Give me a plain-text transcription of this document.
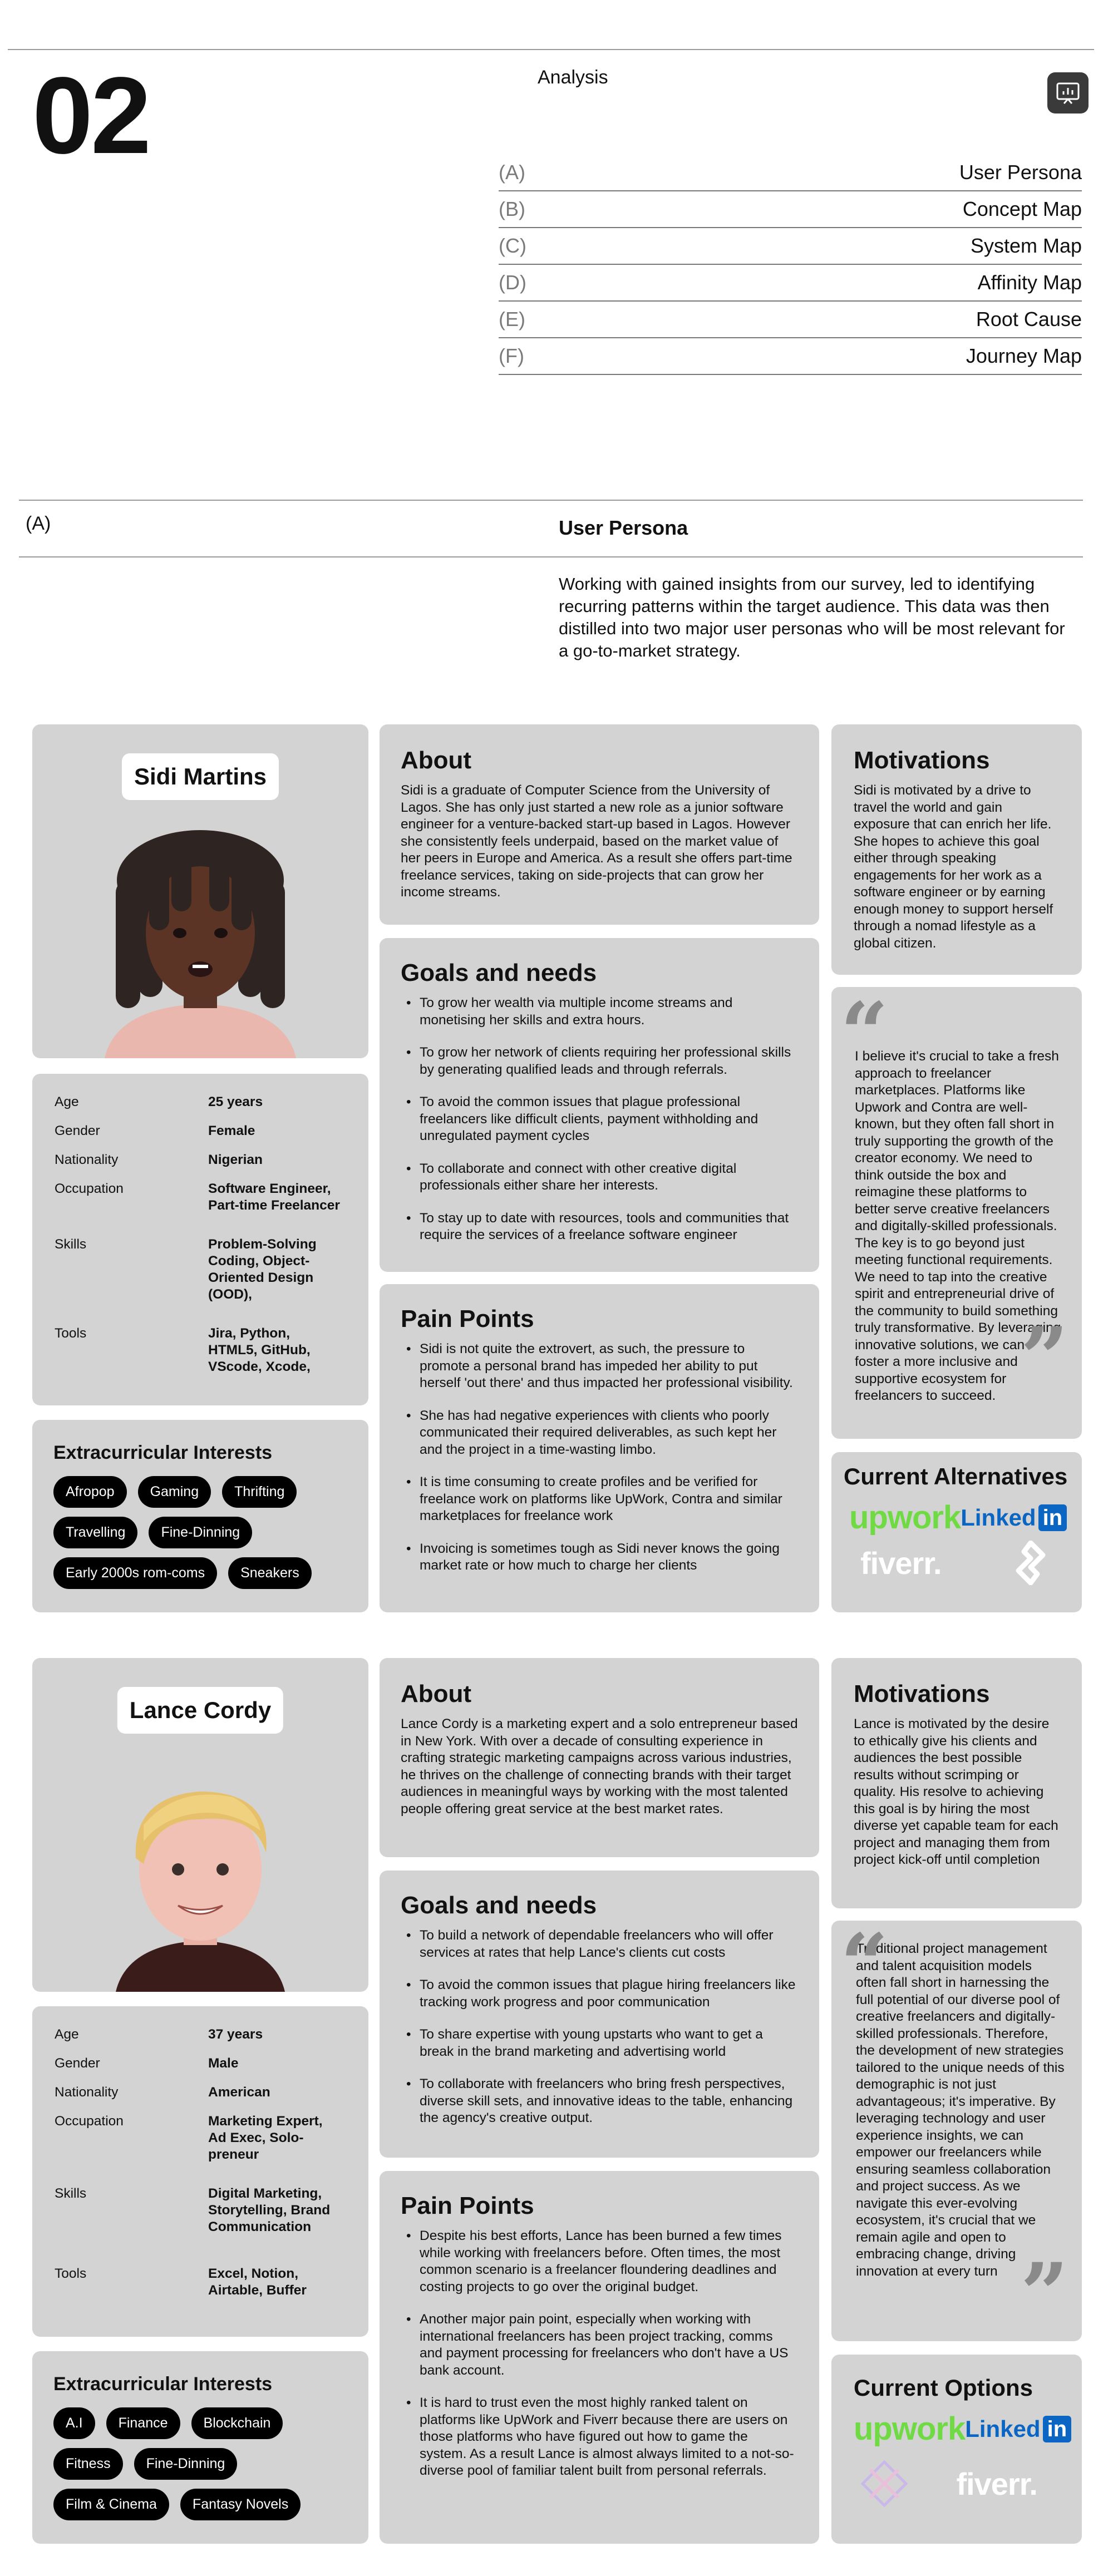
02	Analysis
(A)	User Persona
(B)	Concept Map
(C)	System Map
(D)	Affinity Map
(E)	Root Cause
(F)	Journey Map
(A)	User Persona
Working with gained insights from our survey, led to identifying recurring patterns within the target audience. This data was then distilled into two major user personas who will be most relevant for a go-to-market strategy.
Sidi Martins
Age	25 years
Gender	Female
Nationality	Nigerian
Occupation	Software Engineer, Part-time Freelancer
Skills	Problem-Solving Coding, Object-Oriented Design (OOD),
Tools	Jira, Python, HTML5, GitHub, VScode, Xcode,
Extracurricular Interests
Afropop	Gaming	Thrifting
Travelling	Fine-Dinning
Early 2000s rom-coms	Sneakers
About

Sidi is a graduate of Computer Science from the University of Lagos. She has only just started a new role as a junior software engineer for a venture-backed start-up based in Lagos. However she consistently feels underpaid, based on the market value of her peers in Europe and America. As a result she offers part-time freelance services, taking on side-projects that can grow her income streams.

Goals and needs
• To grow her wealth via multiple income streams and monetising her skills and extra hours.
• To grow her network of clients requiring her professional skills by generating qualified leads and through referrals.
• To avoid the common issues that plague professional freelancers like difficult clients, payment withholding and unregulated payment cycles
• To collaborate and connect with other creative digital professionals either share her interests.
• To stay up to date with resources, tools and communities that require the services of a freelance software engineer
Pain Points
• Sidi is not quite the extrovert, as such, the pressure to promote a personal brand has impeded her ability to put herself 'out there' and thus impacted her professional visibility.
• She has had negative experiences with clients who poorly communicated their required deliverables, as such kept her and the project in a time-wasting limbo.
• It is time consuming to create profiles and be verified for freelance work on platforms like UpWork, Contra and similar marketplaces for freelance work
• Invoicing is sometimes tough as Sidi never knows the going market rate or how much to charge her clients
Motivations

Sidi is motivated by a drive to travel the world and gain exposure that can enrich her life. She hopes to achieve this goal either through speaking engagements for her work as a software engineer or by earning enough money to support herself through a nomad lifestyle as a global citizen.

“

I believe it's crucial to take a fresh approach to freelancer marketplaces. Platforms like Upwork and Contra are well-known, but they often fall short in truly supporting the growth of the creator economy. We need to think outside the box and reimagine these platforms to better serve creative freelancers and digitally-skilled professionals. The key is to go beyond just meeting functional requirements. We need to tap into the creative spirit and entrepreneurial drive of the community to build something truly transformative. By leveraging innovative solutions, we can foster a more inclusive and supportive ecosystem for freelancers to succeed. ”
Current Alternatives
upwork Linked in
fiverr.
Lance Cordy
Age	37 years
Gender	Male
Nationality	American
Occupation	Marketing Expert, Ad Exec, Solo-preneur
Skills	Digital Marketing, Storytelling, Brand Communication
Tools	Excel, Notion, Airtable, Buffer
Extracurricular Interests
A.I	Finance	Blockchain
Fitness	Fine-Dinning
Film & Cinema	Fantasy Novels
About

Lance Cordy is a marketing expert and a solo entrepreneur based in New York. With over a decade of consulting experience in crafting strategic marketing campaigns across various industries, he thrives on the challenge of connecting brands with their target audiences in meaningful ways by working with the most talented people offering great service at the best market rates.

Goals and needs
• To build a network of dependable freelancers who will offer services at rates that help Lance's clients cut costs
• To avoid the common issues that plague hiring freelancers like tracking work progress and poor communication
• To share expertise with young upstarts who want to get a break in the brand marketing and advertising world
• To collaborate with freelancers who bring fresh perspectives, diverse skill sets, and innovative ideas to the table, enhancing the agency's creative output.
Pain Points
• Despite his best efforts, Lance has been burned a few times while working with freelancers before. Often times, the most common scenario is a freelancer floundering deadlines and costing projects to go over the original budget.
• Another major pain point, especially when working with international freelancers has been project tracking, comms and payment processing for freelancers who don't have a US bank account.
• It is hard to trust even the most highly ranked talent on platforms like UpWork and Fiverr because there are users on those platforms who have figured out how to game the system. As a result Lance is almost always limited to a not-so-diverse pool of familiar talent built from personal referrals.
Motivations

Lance is motivated by the desire to ethically give his clients and audiences the best possible results without scrimping or quality. His resolve to achieving this goal is by hiring the most diverse yet capable team for each project and managing them from project kick-off until completion

“

Traditional project management and talent acquisition models often fall short in harnessing the full potential of our diverse pool of creative freelancers and digitally-skilled professionals. Therefore, the development of new strategies tailored to the unique needs of this demographic is not just advantageous; it's imperative. By leveraging technology and user experience insights, we can empower our freelancers while ensuring seamless collaboration and project success. As we navigate this ever-evolving ecosystem, it's crucial that we remain agile and open to embracing change, driving innovation at every turn ”
Current Options
upwork Linked in
fiverr.
